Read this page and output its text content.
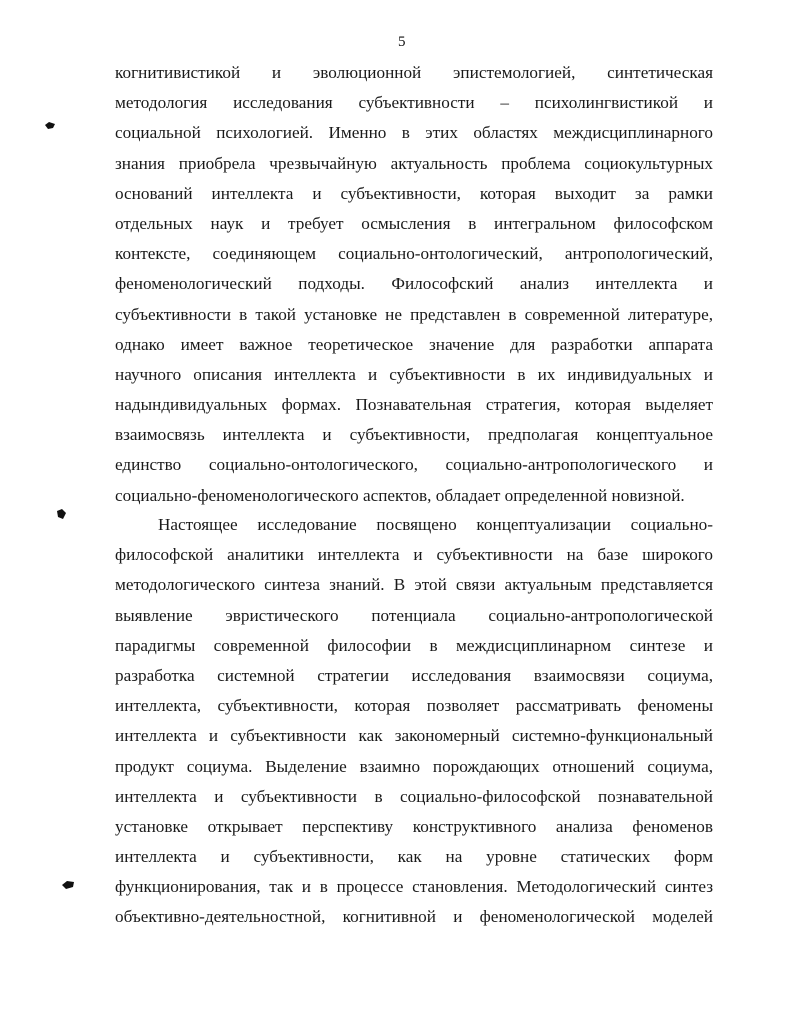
5
когнитивистикой и эволюционной эпистемологией, синтетическая
методология исследования субъективности – психолингвистикой и
социальной психологией. Именно в этих областях междисциплинарного
знания приобрела чрезвычайную актуальность проблема социокультурных
оснований интеллекта и субъективности, которая выходит за рамки
отдельных наук и требует осмысления в интегральном философском
контексте, соединяющем социально-онтологический, антропологический,
феноменологический подходы. Философский анализ интеллекта и
субъективности в такой установке не представлен в современной литературе,
однако имеет важное теоретическое значение для разработки аппарата
научного описания интеллекта и субъективности в их индивидуальных и
надындивидуальных формах. Познавательная стратегия, которая выделяет
взаимосвязь интеллекта и субъективности, предполагая концептуальное
единство социально-онтологического, социально-антропологического и
социально-феноменологического аспектов, обладает определенной новизной.
Настоящее исследование посвящено концептуализации социально-
философской аналитики интеллекта и субъективности на базе широкого
методологического синтеза знаний. В этой связи актуальным представляется
выявление эвристического потенциала социально-антропологической
парадигмы современной философии в междисциплинарном синтезе и
разработка системной стратегии исследования взаимосвязи социума,
интеллекта, субъективности, которая позволяет рассматривать феномены
интеллекта и субъективности как закономерный системно-функциональный
продукт социума. Выделение взаимно порождающих отношений социума,
интеллекта и субъективности в социально-философской познавательной
установке открывает перспективу конструктивного анализа феноменов
интеллекта и субъективности, как на уровне статических форм
функционирования, так и в процессе становления. Методологический синтез
объективно-деятельностной, когнитивной и феноменологической моделей
